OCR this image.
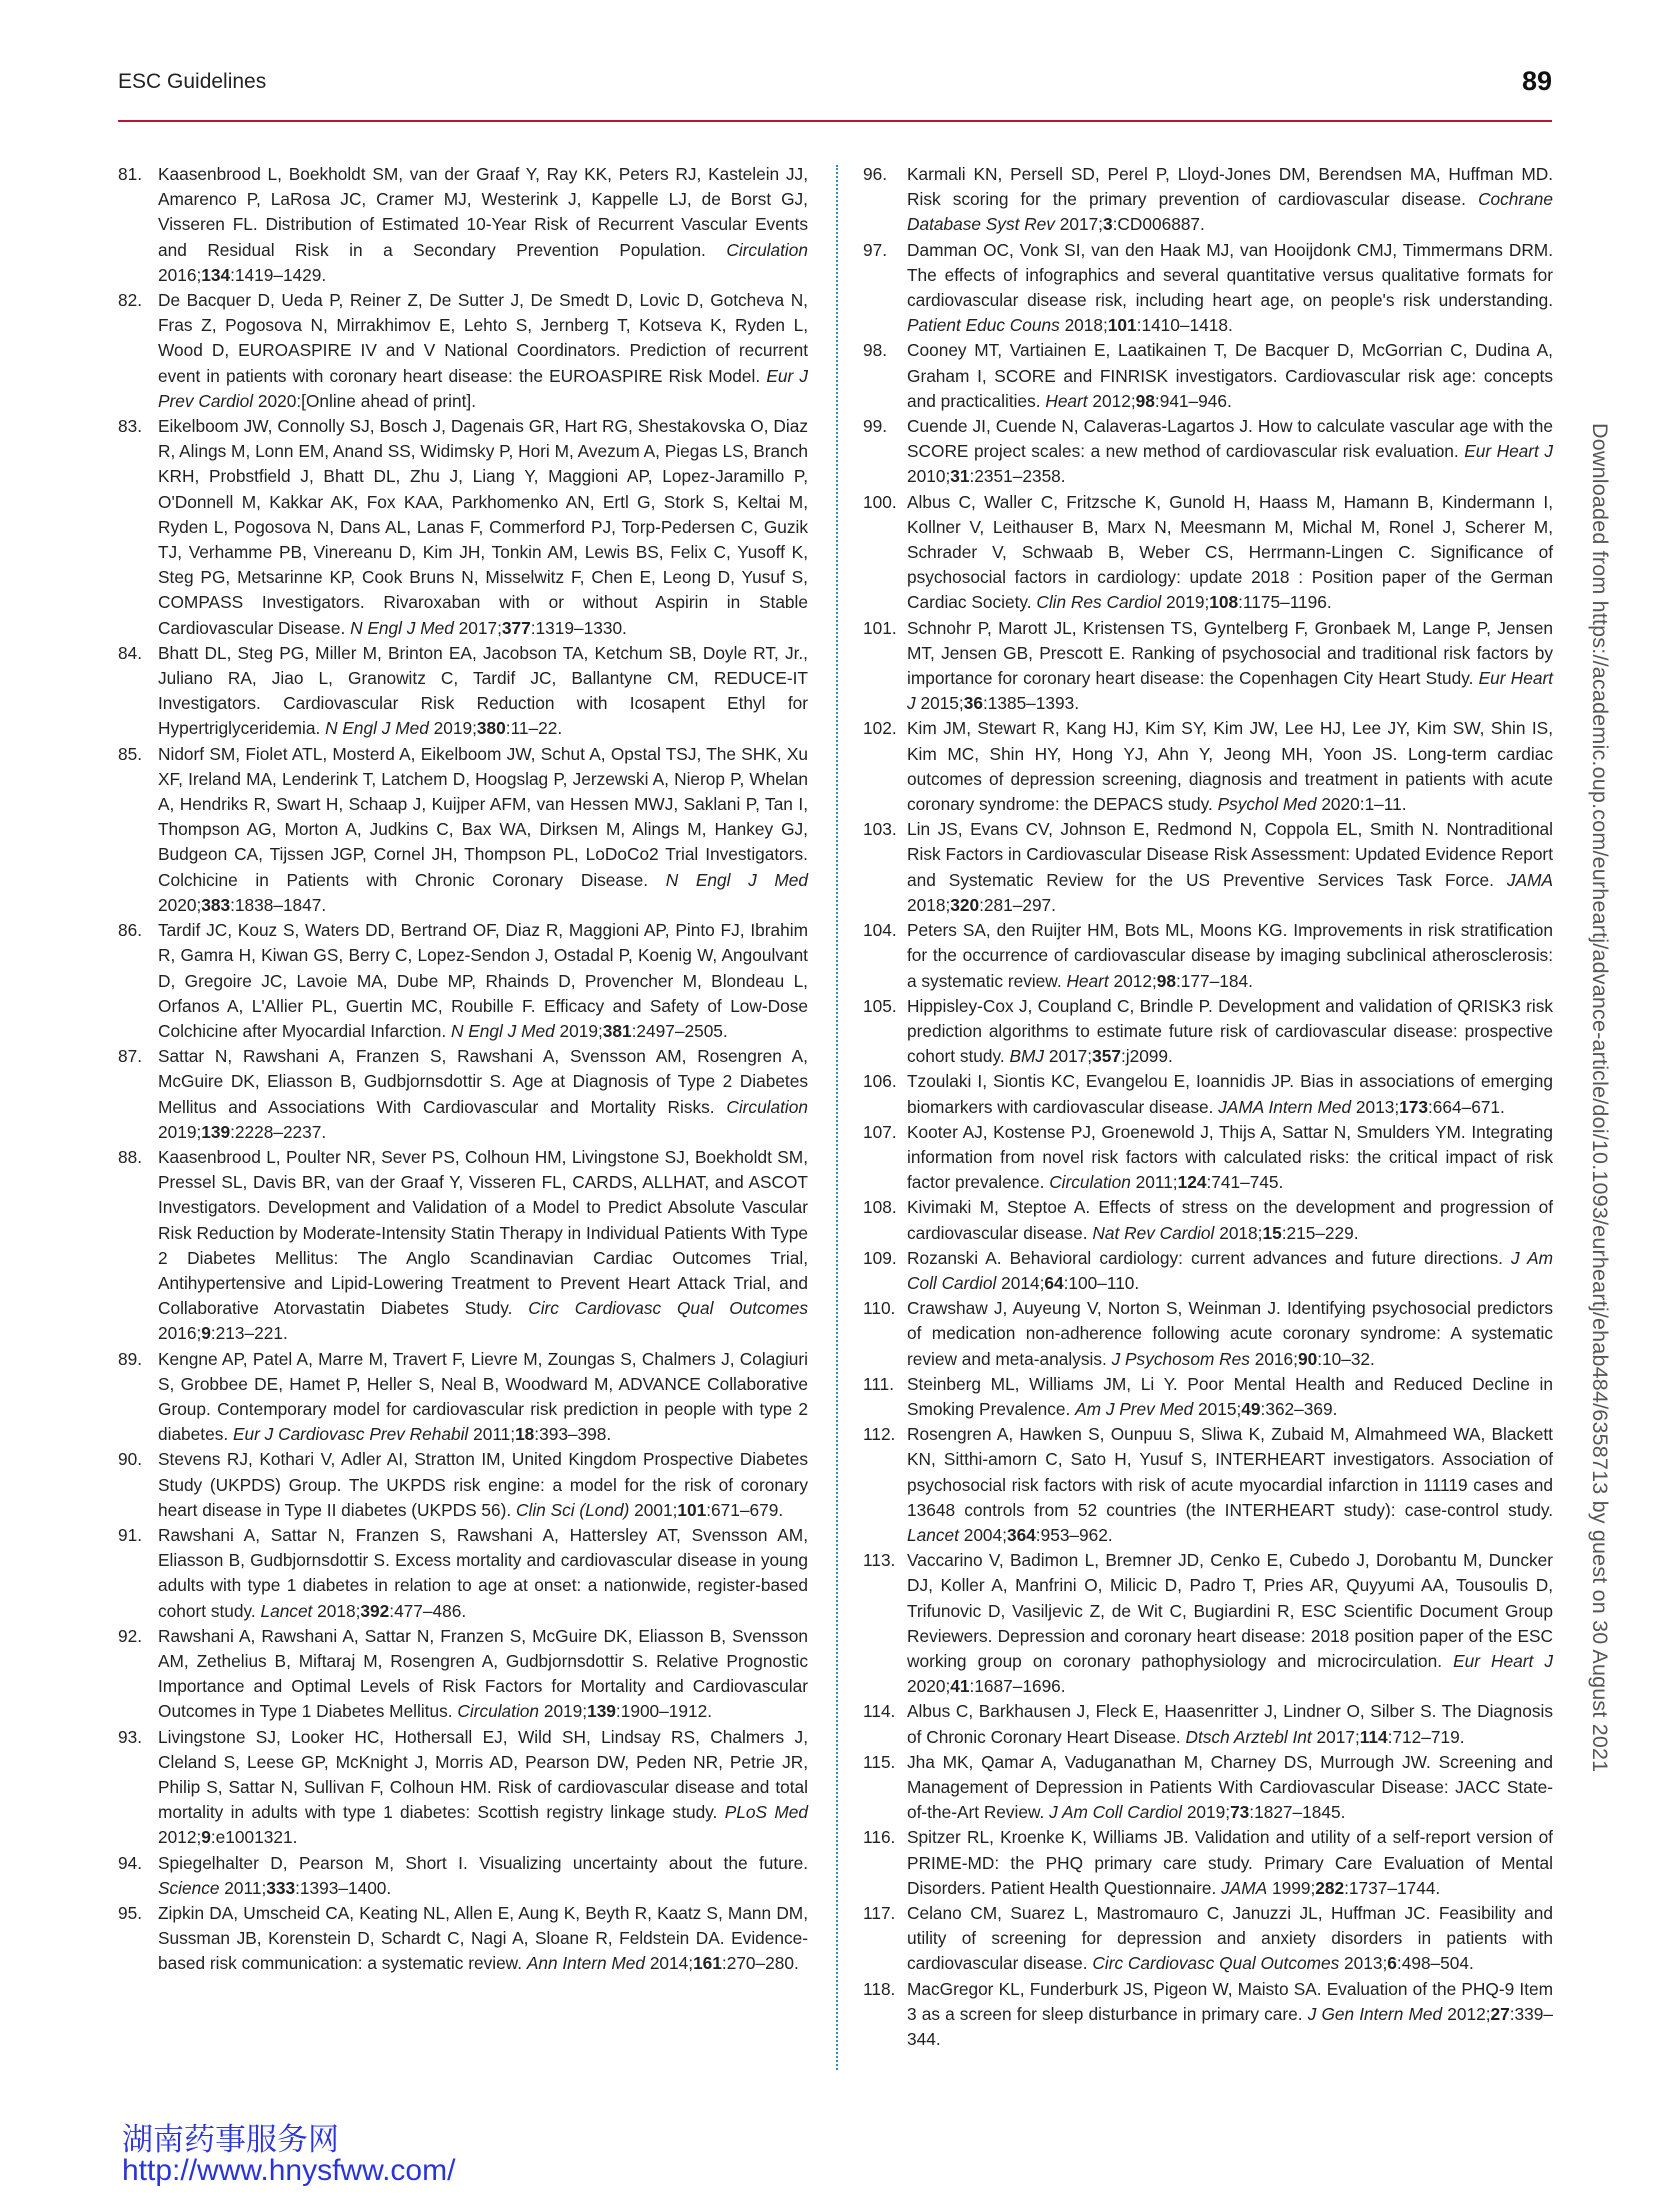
ESC Guidelines	89

81. Kaasenbrood L, Boekholdt SM, van der Graaf Y, Ray KK, Peters RJ, Kastelein JJ, Amarenco P, LaRosa JC, Cramer MJ, Westerink J, Kappelle LJ, de Borst GJ, Visseren FL. Distribution of Estimated 10-Year Risk of Recurrent Vascular Events and Residual Risk in a Secondary Prevention Population. Circulation 2016;134:1419–1429.

82. De Bacquer D, Ueda P, Reiner Z, De Sutter J, De Smedt D, Lovic D, Gotcheva N, Fras Z, Pogosova N, Mirrakhimov E, Lehto S, Jernberg T, Kotseva K, Ryden L, Wood D, EUROASPIRE IV and V National Coordinators. Prediction of recurrent event in patients with coronary heart disease: the EUROASPIRE Risk Model. Eur J Prev Cardiol 2020:[Online ahead of print].

83. Eikelboom JW, Connolly SJ, Bosch J, Dagenais GR, Hart RG, Shestakovska O, Diaz R, Alings M, Lonn EM, Anand SS, Widimsky P, Hori M, Avezum A, Piegas LS, Branch KRH, Probstfield J, Bhatt DL, Zhu J, Liang Y, Maggioni AP, Lopez-Jaramillo P, O'Donnell M, Kakkar AK, Fox KAA, Parkhomenko AN, Ertl G, Stork S, Keltai M, Ryden L, Pogosova N, Dans AL, Lanas F, Commerford PJ, Torp-Pedersen C, Guzik TJ, Verhamme PB, Vinereanu D, Kim JH, Tonkin AM, Lewis BS, Felix C, Yusoff K, Steg PG, Metsarinne KP, Cook Bruns N, Misselwitz F, Chen E, Leong D, Yusuf S, COMPASS Investigators. Rivaroxaban with or without Aspirin in Stable Cardiovascular Disease. N Engl J Med 2017;377:1319–1330.

84. Bhatt DL, Steg PG, Miller M, Brinton EA, Jacobson TA, Ketchum SB, Doyle RT, Jr., Juliano RA, Jiao L, Granowitz C, Tardif JC, Ballantyne CM, REDUCE-IT Investigators. Cardiovascular Risk Reduction with Icosapent Ethyl for Hypertriglyceridemia. N Engl J Med 2019;380:11–22.

85. Nidorf SM, Fiolet ATL, Mosterd A, Eikelboom JW, Schut A, Opstal TSJ, The SHK, Xu XF, Ireland MA, Lenderink T, Latchem D, Hoogslag P, Jerzewski A, Nierop P, Whelan A, Hendriks R, Swart H, Schaap J, Kuijper AFM, van Hessen MWJ, Saklani P, Tan I, Thompson AG, Morton A, Judkins C, Bax WA, Dirksen M, Alings M, Hankey GJ, Budgeon CA, Tijssen JGP, Cornel JH, Thompson PL, LoDoCo2 Trial Investigators. Colchicine in Patients with Chronic Coronary Disease. N Engl J Med 2020;383:1838–1847.

86. Tardif JC, Kouz S, Waters DD, Bertrand OF, Diaz R, Maggioni AP, Pinto FJ, Ibrahim R, Gamra H, Kiwan GS, Berry C, Lopez-Sendon J, Ostadal P, Koenig W, Angoulvant D, Gregoire JC, Lavoie MA, Dube MP, Rhainds D, Provencher M, Blondeau L, Orfanos A, L'Allier PL, Guertin MC, Roubille F. Efficacy and Safety of Low-Dose Colchicine after Myocardial Infarction. N Engl J Med 2019;381:2497–2505.

87. Sattar N, Rawshani A, Franzen S, Rawshani A, Svensson AM, Rosengren A, McGuire DK, Eliasson B, Gudbjornsdottir S. Age at Diagnosis of Type 2 Diabetes Mellitus and Associations With Cardiovascular and Mortality Risks. Circulation 2019;139:2228–2237.

88. Kaasenbrood L, Poulter NR, Sever PS, Colhoun HM, Livingstone SJ, Boekholdt SM, Pressel SL, Davis BR, van der Graaf Y, Visseren FL, CARDS, ALLHAT, and ASCOT Investigators. Development and Validation of a Model to Predict Absolute Vascular Risk Reduction by Moderate-Intensity Statin Therapy in Individual Patients With Type 2 Diabetes Mellitus: The Anglo Scandinavian Cardiac Outcomes Trial, Antihypertensive and Lipid-Lowering Treatment to Prevent Heart Attack Trial, and Collaborative Atorvastatin Diabetes Study. Circ Cardiovasc Qual Outcomes 2016;9:213–221.

89. Kengne AP, Patel A, Marre M, Travert F, Lievre M, Zoungas S, Chalmers J, Colagiuri S, Grobbee DE, Hamet P, Heller S, Neal B, Woodward M, ADVANCE Collaborative Group. Contemporary model for cardiovascular risk prediction in people with type 2 diabetes. Eur J Cardiovasc Prev Rehabil 2011;18:393–398.

90. Stevens RJ, Kothari V, Adler AI, Stratton IM, United Kingdom Prospective Diabetes Study (UKPDS) Group. The UKPDS risk engine: a model for the risk of coronary heart disease in Type II diabetes (UKPDS 56). Clin Sci (Lond) 2001;101:671–679.

91. Rawshani A, Sattar N, Franzen S, Rawshani A, Hattersley AT, Svensson AM, Eliasson B, Gudbjornsdottir S. Excess mortality and cardiovascular disease in young adults with type 1 diabetes in relation to age at onset: a nationwide, register-based cohort study. Lancet 2018;392:477–486.

92. Rawshani A, Rawshani A, Sattar N, Franzen S, McGuire DK, Eliasson B, Svensson AM, Zethelius B, Miftaraj M, Rosengren A, Gudbjornsdottir S. Relative Prognostic Importance and Optimal Levels of Risk Factors for Mortality and Cardiovascular Outcomes in Type 1 Diabetes Mellitus. Circulation 2019;139:1900–1912.

93. Livingstone SJ, Looker HC, Hothersall EJ, Wild SH, Lindsay RS, Chalmers J, Cleland S, Leese GP, McKnight J, Morris AD, Pearson DW, Peden NR, Petrie JR, Philip S, Sattar N, Sullivan F, Colhoun HM. Risk of cardiovascular disease and total mortality in adults with type 1 diabetes: Scottish registry linkage study. PLoS Med 2012;9:e1001321.

94. Spiegelhalter D, Pearson M, Short I. Visualizing uncertainty about the future. Science 2011;333:1393–1400.

95. Zipkin DA, Umscheid CA, Keating NL, Allen E, Aung K, Beyth R, Kaatz S, Mann DM, Sussman JB, Korenstein D, Schardt C, Nagi A, Sloane R, Feldstein DA. Evidence-based risk communication: a systematic review. Ann Intern Med 2014;161:270–280.

96.	Karmali KN, Persell SD, Perel P, Lloyd-Jones DM, Berendsen MA, Huffman MD. Risk scoring for the primary prevention of cardiovascular disease. Cochrane Database Syst Rev 2017;3:CD006887.

97.	Damman OC, Vonk SI, van den Haak MJ, van Hooijdonk CMJ, Timmermans DRM. The effects of infographics and several quantitative versus qualitative formats for cardiovascular disease risk, including heart age, on people's risk understanding. Patient Educ Couns 2018;101:1410–1418.

98.	Cooney MT, Vartiainen E, Laatikainen T, De Bacquer D, McGorrian C, Dudina A, Graham I, SCORE and FINRISK investigators. Cardiovascular risk age: concepts and practicalities. Heart 2012;98:941–946.

99.	Cuende JI, Cuende N, Calaveras-Lagartos J. How to calculate vascular age with the SCORE project scales: a new method of cardiovascular risk evaluation. Eur Heart J 2010;31:2351–2358.

100. Albus C, Waller C, Fritzsche K, Gunold H, Haass M, Hamann B, Kindermann I, Kollner V, Leithauser B, Marx N, Meesmann M, Michal M, Ronel J, Scherer M, Schrader V, Schwaab B, Weber CS, Herrmann-Lingen C. Significance of psychosocial factors in cardiology: update 2018 : Position paper of the German Cardiac Society. Clin Res Cardiol 2019;108:1175–1196.

101. Schnohr P, Marott JL, Kristensen TS, Gyntelberg F, Gronbaek M, Lange P, Jensen MT, Jensen GB, Prescott E. Ranking of psychosocial and traditional risk factors by importance for coronary heart disease: the Copenhagen City Heart Study. Eur Heart J 2015;36:1385–1393.

102. Kim JM, Stewart R, Kang HJ, Kim SY, Kim JW, Lee HJ, Lee JY, Kim SW, Shin IS, Kim MC, Shin HY, Hong YJ, Ahn Y, Jeong MH, Yoon JS. Long-term cardiac outcomes of depression screening, diagnosis and treatment in patients with acute coronary syndrome: the DEPACS study. Psychol Med 2020:1–11.

103. Lin JS, Evans CV, Johnson E, Redmond N, Coppola EL, Smith N. Nontraditional Risk Factors in Cardiovascular Disease Risk Assessment: Updated Evidence Report and Systematic Review for the US Preventive Services Task Force. JAMA 2018;320:281–297.

104. Peters SA, den Ruijter HM, Bots ML, Moons KG. Improvements in risk stratification for the occurrence of cardiovascular disease by imaging subclinical atherosclerosis: a systematic review. Heart 2012;98:177–184.

105. Hippisley-Cox J, Coupland C, Brindle P. Development and validation of QRISK3 risk prediction algorithms to estimate future risk of cardiovascular disease: prospective cohort study. BMJ 2017;357:j2099.

106. Tzoulaki I, Siontis KC, Evangelou E, Ioannidis JP. Bias in associations of emerging biomarkers with cardiovascular disease. JAMA Intern Med 2013;173:664–671.

107. Kooter AJ, Kostense PJ, Groenewold J, Thijs A, Sattar N, Smulders YM. Integrating information from novel risk factors with calculated risks: the critical impact of risk factor prevalence. Circulation 2011;124:741–745.

108. Kivimaki M, Steptoe A. Effects of stress on the development and progression of cardiovascular disease. Nat Rev Cardiol 2018;15:215–229.

109. Rozanski A. Behavioral cardiology: current advances and future directions. J Am Coll Cardiol 2014;64:100–110.

110. Crawshaw J, Auyeung V, Norton S, Weinman J. Identifying psychosocial predictors of medication non-adherence following acute coronary syndrome: A systematic review and meta-analysis. J Psychosom Res 2016;90:10–32.

111. Steinberg ML, Williams JM, Li Y. Poor Mental Health and Reduced Decline in Smoking Prevalence. Am J Prev Med 2015;49:362–369.

112. Rosengren A, Hawken S, Ounpuu S, Sliwa K, Zubaid M, Almahmeed WA, Blackett KN, Sitthi-amorn C, Sato H, Yusuf S, INTERHEART investigators. Association of psychosocial risk factors with risk of acute myocardial infarction in 11119 cases and 13648 controls from 52 countries (the INTERHEART study): case-control study. Lancet 2004;364:953–962.

113. Vaccarino V, Badimon L, Bremner JD, Cenko E, Cubedo J, Dorobantu M, Duncker DJ, Koller A, Manfrini O, Milicic D, Padro T, Pries AR, Quyyumi AA, Tousoulis D, Trifunovic D, Vasiljevic Z, de Wit C, Bugiardini R, ESC Scientific Document Group Reviewers. Depression and coronary heart disease: 2018 position paper of the ESC working group on coronary pathophysiology and microcirculation. Eur Heart J 2020;41:1687–1696.

114. Albus C, Barkhausen J, Fleck E, Haasenritter J, Lindner O, Silber S. The Diagnosis of Chronic Coronary Heart Disease. Dtsch Arztebl Int 2017;114:712–719.

115. Jha MK, Qamar A, Vaduganathan M, Charney DS, Murrough JW. Screening and Management of Depression in Patients With Cardiovascular Disease: JACC State-of-the-Art Review. J Am Coll Cardiol 2019;73:1827–1845.

116. Spitzer RL, Kroenke K, Williams JB. Validation and utility of a self-report version of PRIME-MD: the PHQ primary care study. Primary Care Evaluation of Mental Disorders. Patient Health Questionnaire. JAMA 1999;282:1737–1744.

117. Celano CM, Suarez L, Mastromauro C, Januzzi JL, Huffman JC. Feasibility and utility of screening for depression and anxiety disorders in patients with cardiovascular disease. Circ Cardiovasc Qual Outcomes 2013;6:498–504.

118. MacGregor KL, Funderburk JS, Pigeon W, Maisto SA. Evaluation of the PHQ-9 Item 3 as a screen for sleep disturbance in primary care. J Gen Intern Med 2012;27:339–344.

Downloaded from https://academic.oup.com/eurheartj/advance-article/doi/10.1093/eurheartj/ehab484/6358713 by guest on 30 August 2021
湖南药事服务网
http://www.hnysfww.com/
